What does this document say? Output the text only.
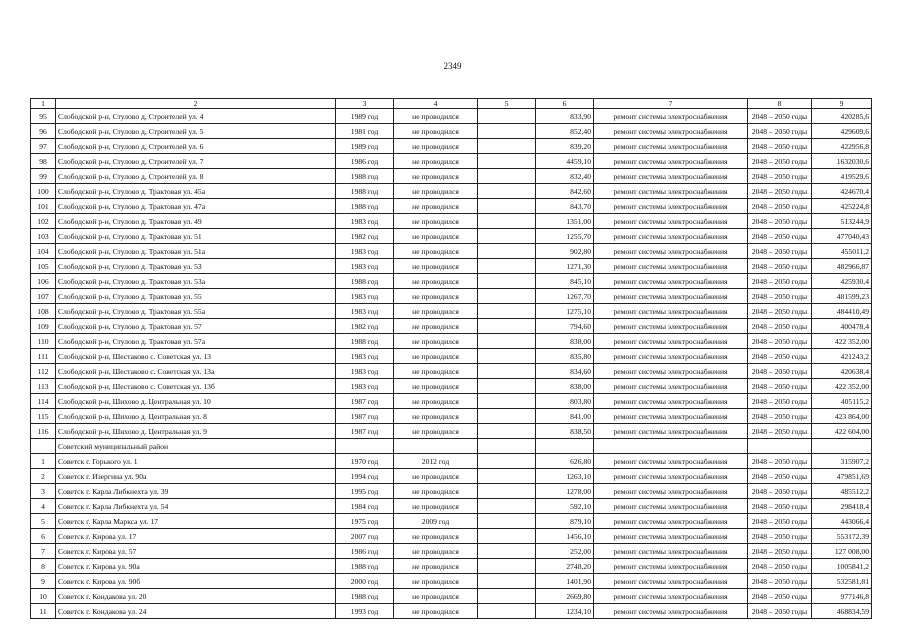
2349
1	2	3	4	5	6	7	8	9
95	Слободской р-н, Стулово д, Строителей ул. 4	1989 год	не проводился		833,90	ремонт системы электроснабжения	2048 – 2050 годы	420285,6
96	Слободской р-н, Стулово д, Строителей ул. 5	1981 год	не проводился		852,40	ремонт системы электроснабжения	2048 – 2050 годы	429609,6
97	Слободской р-н, Стулово д, Строителей ул. 6	1989 год	не проводился		839,20	ремонт системы электроснабжения	2048 – 2050 годы	422956,8
98	Слободской р-н, Стулово д, Строителей ул. 7	1986 год	не проводился		4459,10	ремонт системы электроснабжения	2048 – 2050 годы	1632030,6
99	Слободской р-н, Стулово д, Строителей ул. 8	1988 год	не проводился		832,40	ремонт системы электроснабжения	2048 – 2050 годы	419529,6
100	Слободской р-н, Стулово д. Трактовая ул. 45а	1988 год	не проводился		842,60	ремонт системы электроснабжения	2048 – 2050 годы	424670,4
101	Слободской р-н, Стулово д. Трактовая ул. 47а	1988 год	не проводился		843,70	ремонт системы электроснабжения	2048 – 2050 годы	425224,8
102	Слободской р-н, Стулово д. Трактовая ул. 49	1983 год	не проводился		1351,00	ремонт системы электроснабжения	2048 – 2050 годы	513244,9
103	Слободской р-н, Стулово д. Трактовая ул. 51	1982 год	не проводился		1255,70	ремонт системы электроснабжения	2048 – 2050 годы	477040,43
104	Слободской р-н, Стулово д. Трактовая ул. 51а	1983 год	не проводился		902,80	ремонт системы электроснабжения	2048 – 2050 годы	455011,2
105	Слободской р-н, Стулово д. Трактовая ул. 53	1983 год	не проводился		1271,30	ремонт системы электроснабжения	2048 – 2050 годы	482966,87
106	Слободской р-н, Стулово д. Трактовая ул. 53а	1988 год	не проводился		845,10	ремонт системы электроснабжения	2048 – 2050 годы	425930,4
107	Слободской р-н, Стулово д. Трактовая ул. 55	1983 год	не проводился		1267,70	ремонт системы электроснабжения	2048 – 2050 годы	481599,23
108	Слободской р-н, Стулово д. Трактовая ул. 55а	1983 год	не проводился		1275,10	ремонт системы электроснабжения	2048 – 2050 годы	484410,49
109	Слободской р-н, Стулово д. Трактовая ул. 57	1982 год	не проводился		794,60	ремонт системы электроснабжения	2048 – 2050 годы	400478,4
110	Слободской р-н, Стулово д. Трактовая ул. 57а	1988 год	не проводился		838,00	ремонт системы электроснабжения	2048 – 2050 годы	422 352,00
111	Слободской р-н, Шестаково с. Советская ул. 13	1983 год	не проводился		835,80	ремонт системы электроснабжения	2048 – 2050 годы	421243,2
112	Слободской р-н, Шестаково с. Советская ул. 13а	1983 год	не проводился		834,60	ремонт системы электроснабжения	2048 – 2050 годы	420638,4
113	Слободской р-н, Шестаково с. Советская ул. 13б	1983 год	не проводился		838,00	ремонт системы электроснабжения	2048 – 2050 годы	422 352,00
114	Слободской р-н, Шихово д. Центральная ул. 10	1987 год	не проводился		803,80	ремонт системы электроснабжения	2048 – 2050 годы	405115,2
115	Слободской р-н, Шихово д. Центральная ул. 8	1987 год	не проводился		841,00	ремонт системы электроснабжения	2048 – 2050 годы	423 864,00
116	Слободской р-н, Шихово д. Центральная ул. 9	1987 год	не проводился		838,50	ремонт системы электроснабжения	2048 – 2050 годы	422 604,00
	Советский муниципальный район							
1	Советск г. Горького ул. 1	1970 год	2012 год		626,80	ремонт системы электроснабжения	2048 – 2050 годы	315907,2
2	Советск г. Изергина ул. 90а	1994 год	не проводился		1263,10	ремонт системы электроснабжения	2048 – 2050 годы	479851,69
3	Советск г. Карла Либкнехта ул. 39	1995 год	не проводился		1278,00	ремонт системы электроснабжения	2048 – 2050 годы	485512,2
4	Советск г. Карла Либкнехта ул. 54	1984 год	не проводился		592,10	ремонт системы электроснабжения	2048 – 2050 годы	298418,4
5	Советск г. Карла Маркса ул. 17	1975 год	2009 год		879,10	ремонт системы электроснабжения	2048 – 2050 годы	443066,4
6	Советск г. Кирова ул. 17	2007 год	не проводился		1456,10	ремонт системы электроснабжения	2048 – 2050 годы	553172,39
7	Советск г. Кирова ул. 57	1986 год	не проводился		252,00	ремонт системы электроснабжения	2048 – 2050 годы	127 008,00
8	Советск г. Кирова ул. 90а	1988 год	не проводился		2748,20	ремонт системы электроснабжения	2048 – 2050 годы	1005841,2
9	Советск г. Кирова ул. 90б	2000 год	не проводился		1401,90	ремонт системы электроснабжения	2048 – 2050 годы	532581,81
10	Советск г. Кондакова ул. 20	1988 год	не проводился		2669,80	ремонт системы электроснабжения	2048 – 2050 годы	977146,8
11	Советск г. Кондакова ул. 24	1993 год	не проводился		1234,10	ремонт системы электроснабжения	2048 – 2050 годы	468834,59
